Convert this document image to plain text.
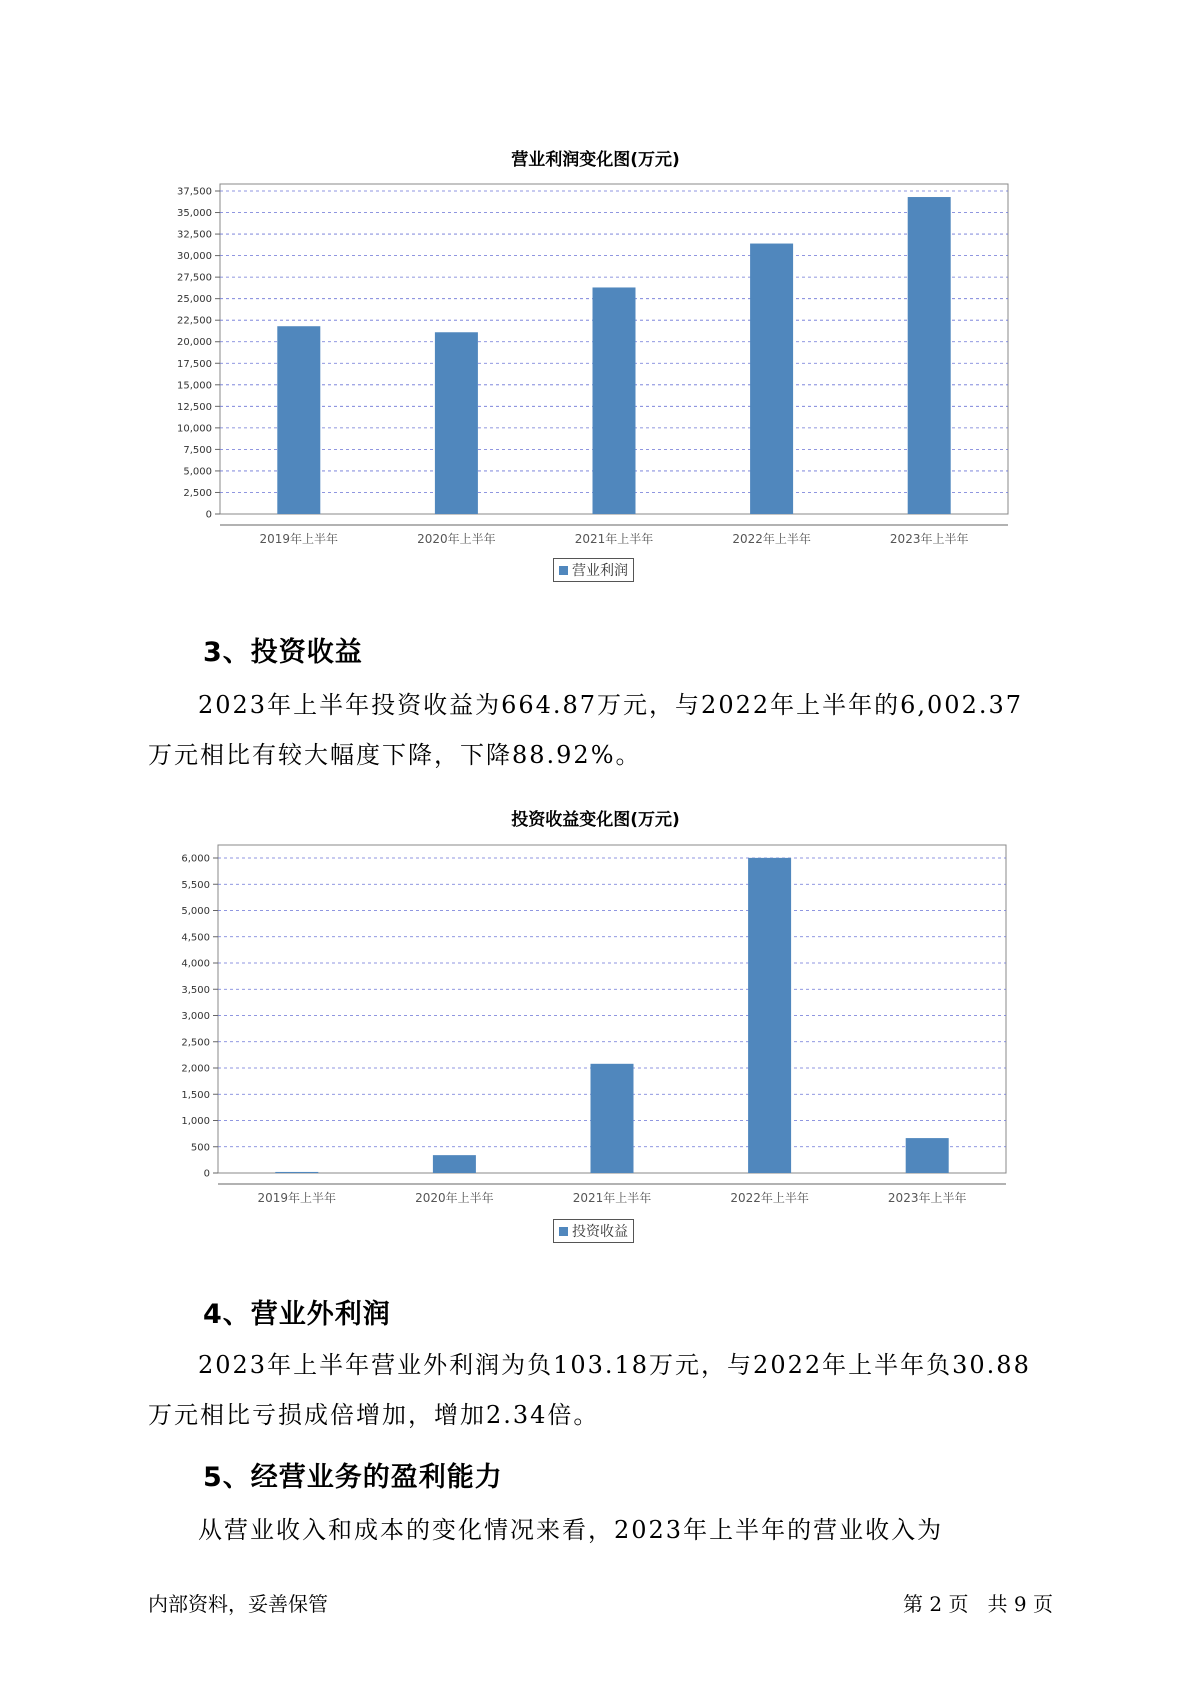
营业利润变化图(万元)
0
2,500
5,000
7,500
10,000
12,500
15,000
17,500
20,000
22,500
25,000
27,500
30,000
32,500
35,000
37,500
2019年上半年	2020年上半年	2021年上半年	2022年上半年	2023年上半年
营业利润
3、投资收益
2023年上半年投资收益为664.87万元，与2022年上半年的6,002.37万元相比有较大幅度下降，下降88.92%。
投资收益变化图(万元)
0
500
1,000
1,500
2,000
2,500
3,000
3,500
4,000
4,500
5,000
5,500
6,000
2019年上半年	2020年上半年	2021年上半年	2022年上半年	2023年上半年
投资收益
4、营业外利润
2023年上半年营业外利润为负103.18万元，与2022年上半年负30.88万元相比亏损成倍增加，增加2.34倍。
5、经营业务的盈利能力
从营业收入和成本的变化情况来看，2023年上半年的营业收入为
内部资料，妥善保管	第 2 页   共 9 页
